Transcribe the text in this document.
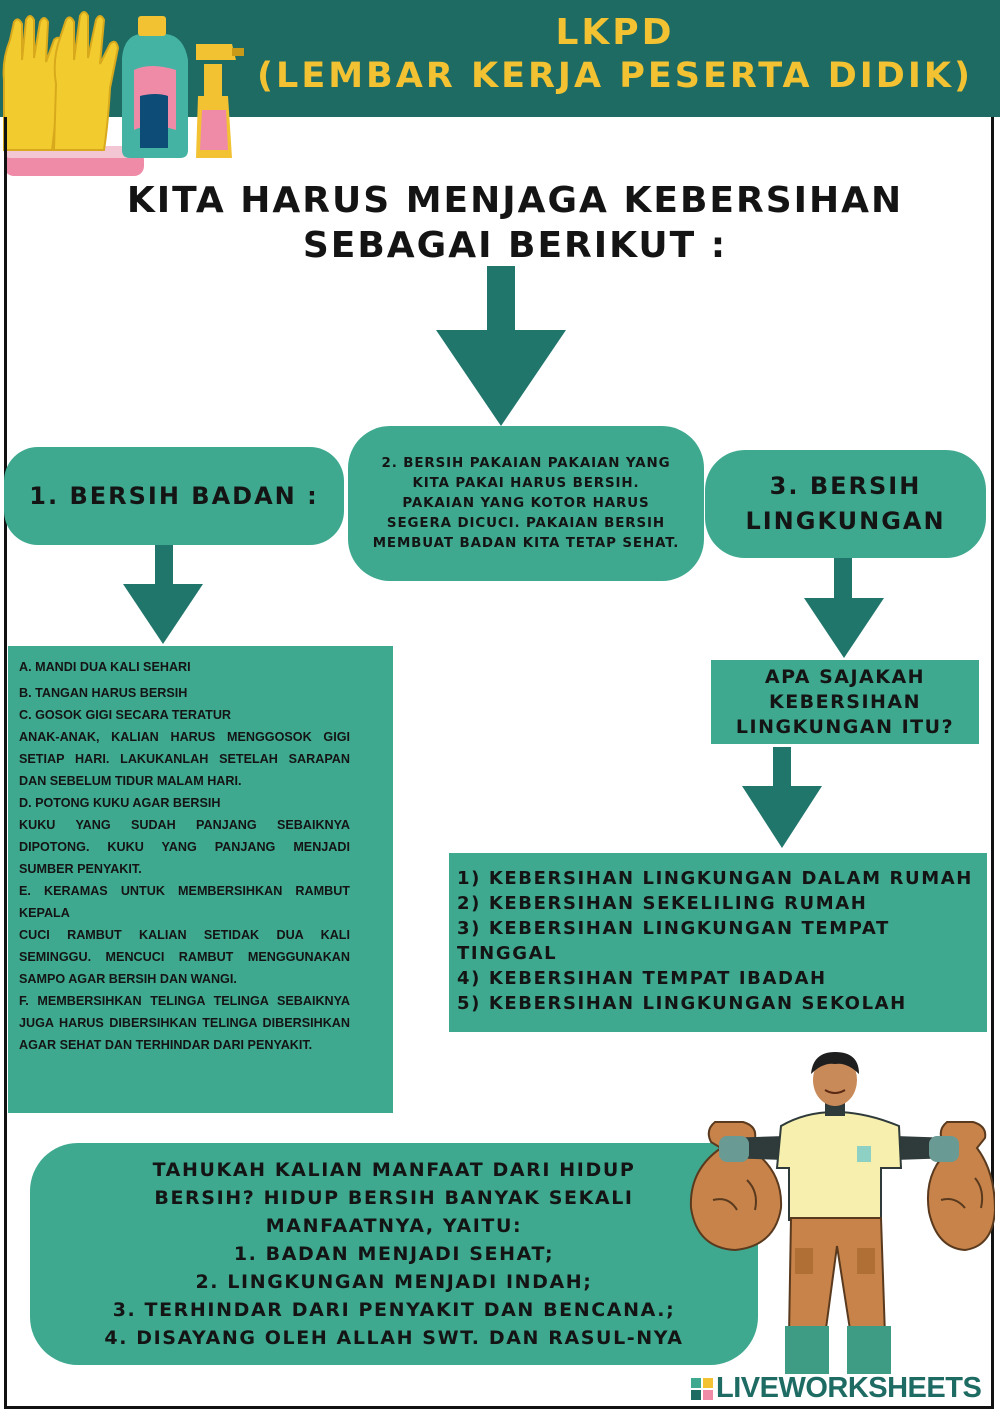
LKPD
(LEMBAR KERJA PESERTA DIDIK)
KITA HARUS MENJAGA KEBERSIHAN
SEBAGAI BERIKUT :
1. BERSIH BADAN :
2. BERSIH PAKAIAN PAKAIAN YANG
KITA PAKAI HARUS BERSIH.
PAKAIAN YANG KOTOR HARUS
SEGERA DICUCI. PAKAIAN BERSIH
MEMBUAT BADAN KITA TETAP SEHAT.
3. BERSIH
LINGKUNGAN
A. MANDI DUA KALI SEHARI
B. TANGAN HARUS BERSIH
C. GOSOK GIGI SECARA TERATUR
ANAK-ANAK, KALIAN HARUS MENGGOSOK GIGI SETIAP HARI. LAKUKANLAH SETELAH SARAPAN DAN SEBELUM TIDUR MALAM HARI.
D. POTONG KUKU AGAR BERSIH
KUKU YANG SUDAH PANJANG SEBAIKNYA DIPOTONG. KUKU YANG PANJANG MENJADI SUMBER PENYAKIT.
E. KERAMAS UNTUK MEMBERSIHKAN RAMBUT KEPALA
CUCI RAMBUT KALIAN SETIDAK DUA KALI SEMINGGU. MENCUCI RAMBUT MENGGUNAKAN SAMPO AGAR BERSIH DAN WANGI.
F. MEMBERSIHKAN TELINGA TELINGA SEBAIKNYA JUGA HARUS DIBERSIHKAN TELINGA DIBERSIHKAN AGAR SEHAT DAN TERHINDAR DARI PENYAKIT.
APA SAJAKAH
KEBERSIHAN
LINGKUNGAN ITU?
1) KEBERSIHAN LINGKUNGAN DALAM RUMAH
2) KEBERSIHAN SEKELILING RUMAH
3) KEBERSIHAN LINGKUNGAN TEMPAT
TINGGAL
4) KEBERSIHAN TEMPAT IBADAH
5) KEBERSIHAN LINGKUNGAN SEKOLAH
TAHUKAH KALIAN MANFAAT DARI HIDUP
BERSIH? HIDUP BERSIH BANYAK SEKALI
MANFAATNYA, YAITU:
1. BADAN MENJADI SEHAT;
2. LINGKUNGAN MENJADI INDAH;
3. TERHINDAR DARI PENYAKIT DAN BENCANA.;
4. DISAYANG OLEH ALLAH SWT. DAN RASUL-NYA
LIVEWORKSHEETS
